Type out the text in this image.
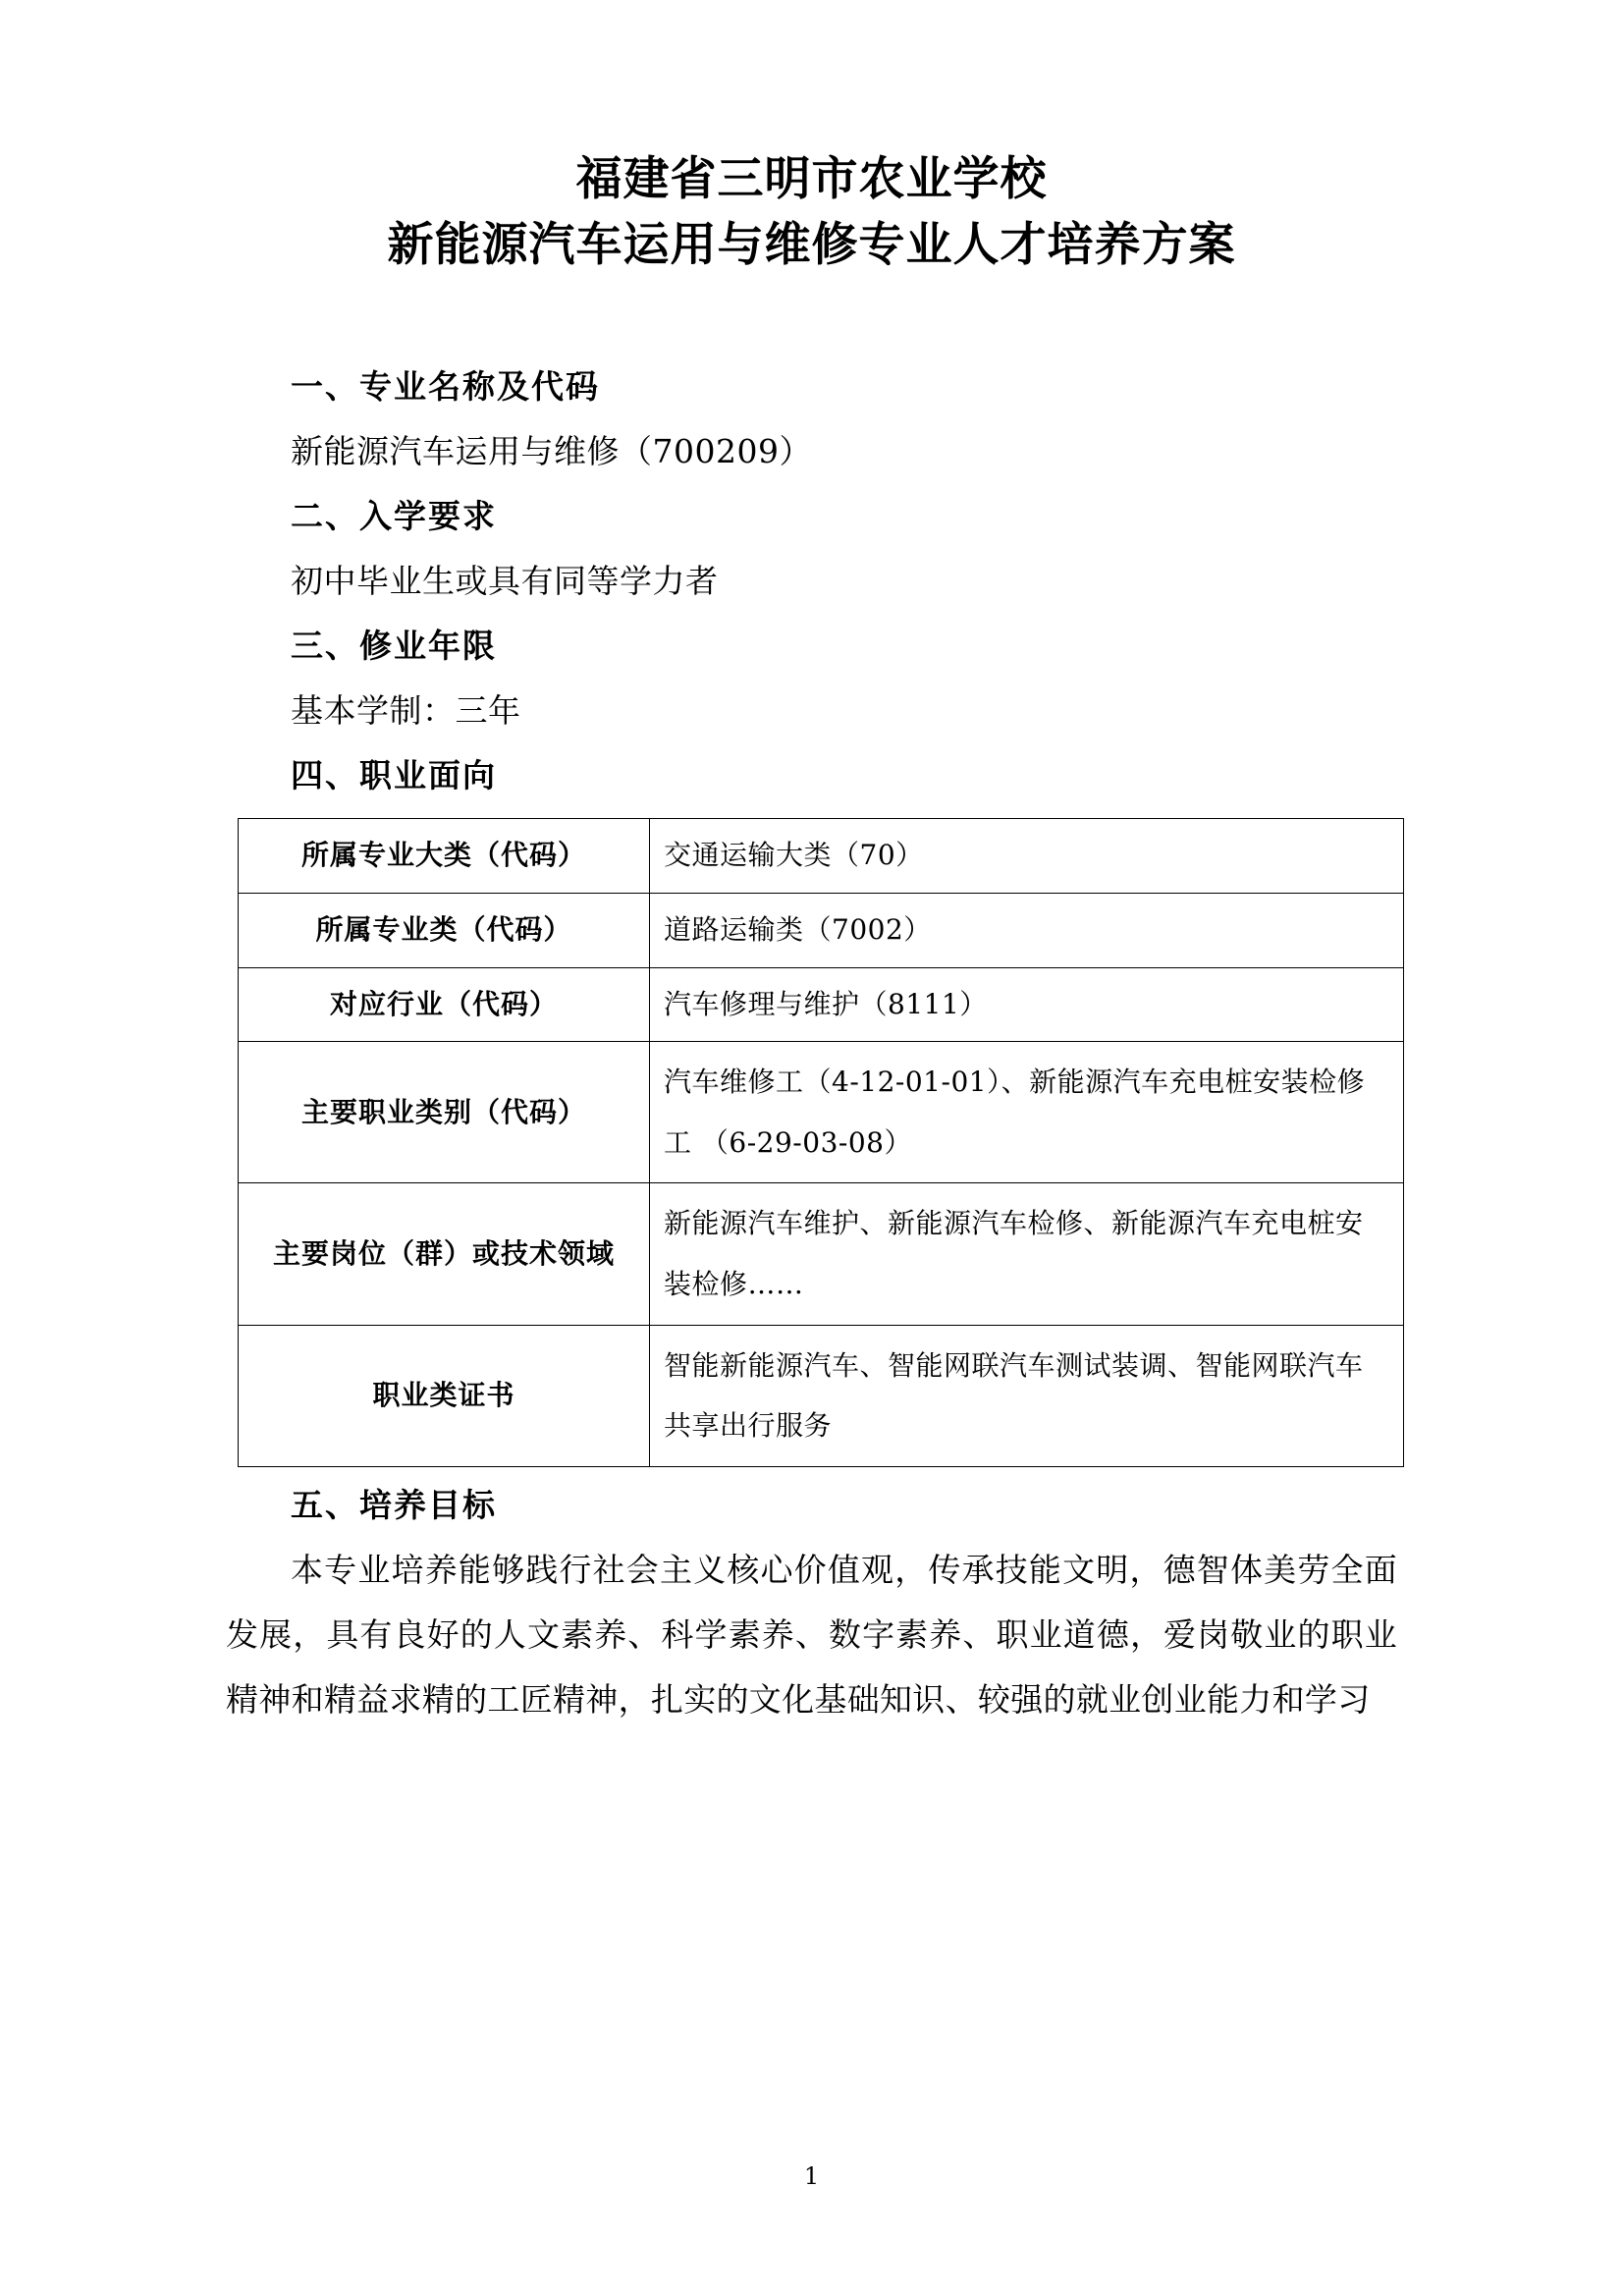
福建省三明市农业学校
新能源汽车运用与维修专业人才培养方案
一、专业名称及代码
新能源汽车运用与维修（700209）
二、入学要求
初中毕业生或具有同等学力者
三、修业年限
基本学制：三年
四、职业面向
所属专业大类（代码）	交通运输大类（70）
所属专业类（代码）	道路运输类（7002）
对应行业（代码）	汽车修理与维护（8111）
主要职业类别（代码）	汽车维修工（4-12-01-01）、新能源汽车充电桩安装检修工 （6-29-03-08）
主要岗位（群）或技术领域	新能源汽车维护、新能源汽车检修、新能源汽车充电桩安装检修……
职业类证书	智能新能源汽车、智能网联汽车测试装调、智能网联汽车共享出行服务
五、培养目标
本专业培养能够践行社会主义核心价值观，传承技能文明，德智体美劳全面发展，具有良好的人文素养、科学素养、数字素养、职业道德，爱岗敬业的职业精神和精益求精的工匠精神，扎实的文化基础知识、较强的就业创业能力和学习
1
